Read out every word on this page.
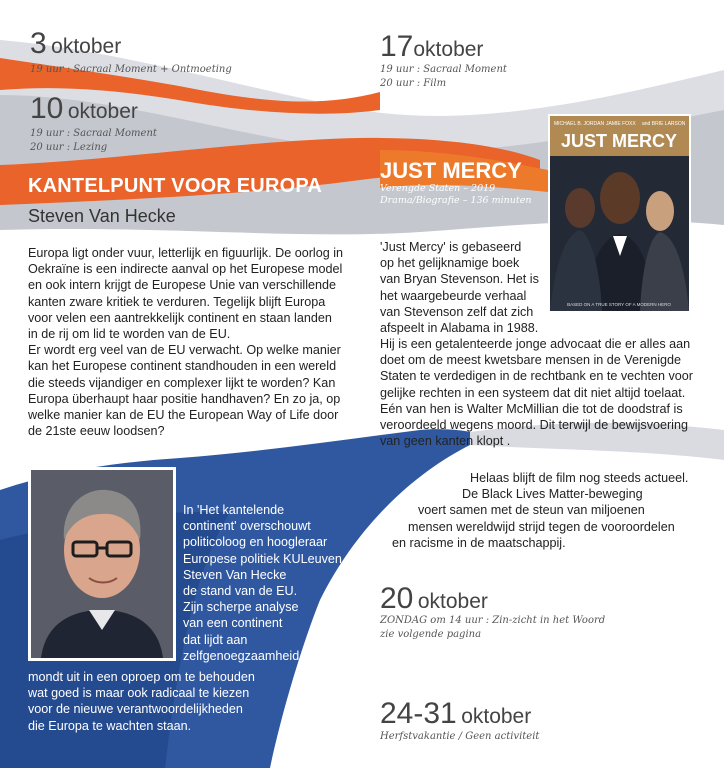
3 oktober
19 uur : Sacraal Moment + Ontmoeting
10 oktober
19 uur : Sacraal Moment
20 uur : Lezing
KANTELPUNT VOOR EUROPA
Steven Van Hecke
Europa ligt onder vuur, letterlijk en figuurlijk. De oorlog in
Oekraïne is een indirecte aanval op het Europese model
en ook intern krijgt de Europese Unie van verschillende
kanten zware kritiek te verduren. Tegelijk blijft Europa
voor velen een aantrekkelijk continent en staan landen
in de rij om lid te worden van de EU.
Er wordt erg veel van de EU verwacht. Op welke manier
kan het Europese continent standhouden in een wereld
die steeds vijandiger en complexer lijkt te worden? Kan
Europa überhaupt haar positie handhaven? En zo ja, op
welke manier kan de EU the European Way of Life door
de 21ste eeuw loodsen?
In 'Het kantelende
continent' overschouwt
politicoloog en hoogleraar
Europese politiek KULeuven
Steven Van Hecke
de stand van de EU.
Zijn scherpe analyse
van een continent
dat lijdt aan
zelfgenoegzaamheid
mondt uit in een oproep om te behouden
wat goed is maar ook radicaal te kiezen
voor de nieuwe verantwoordelijkheden
die Europa te wachten staan.
17oktober
19 uur : Sacraal Moment
20 uur : Film
JUST MERCY
Verengde Staten – 2019
Drama/Biografie – 136 minuten
MICHAEL B. JORDAN JAMIE FOXX and BRIE LARSON
JUST MERCY
BASED ON A TRUE STORY OF A MODERN HERO
'Just Mercy' is gebaseerd
op het gelijknamige boek
van Bryan Stevenson. Het is
het waargebeurde verhaal
van Stevenson zelf dat zich
afspeelt in Alabama in 1988.
Hij is een getalenteerde jonge advocaat die er alles aan
doet om de meest kwetsbare mensen in de Verenigde
Staten te verdedigen in de rechtbank en te vechten voor
gelijke rechten in een systeem dat dit niet altijd toelaat.
Eén van hen is Walter McMillian die tot de doodstraf is
veroordeeld wegens moord. Dit terwijl de bewijsvoering
van geen kanten klopt .
Helaas blijft de film nog steeds actueel.
De Black Lives Matter-beweging
voert samen met de steun van miljoenen
mensen wereldwijd strijd tegen de vooroordelen
en racisme in de maatschappij.
20 oktober
ZONDAG om 14 uur : Zin-zicht in het Woord
zie volgende pagina
24-31 oktober
Herfstvakantie / Geen activiteit
